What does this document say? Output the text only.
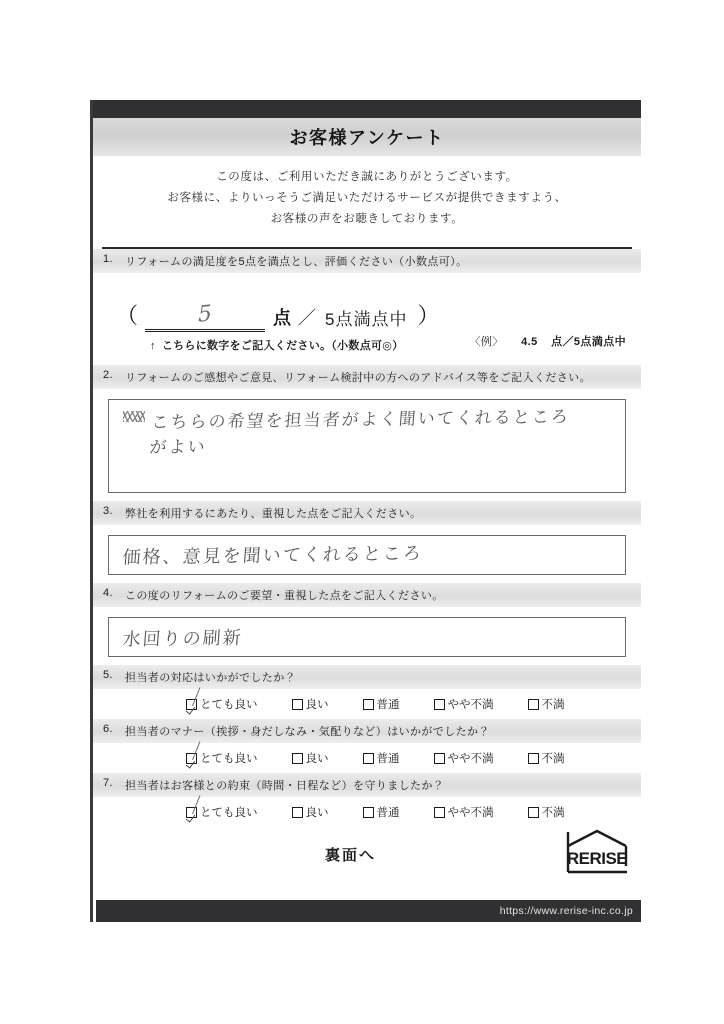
お客様アンケート

この度は、ご利用いただき誠にありがとうございます。

お客様に、よりいっそうご満足いただけるサービスが提供できますよう、

お客様の声をお聴きしております。

1.	リフォームの満足度を5点を満点とし、評価ください（小数点可）。
（	5	点 ／ 5点満点中 ）
↑ こちらに数字をご記入ください。（小数点可◎）	〈例〉 4.5 点／5点満点中
2.	リフォームのご感想やご意見、リフォーム検討中の方へのアドバイス等をご記入ください。
こちらの希望を担当者がよく聞いてくれるところ
がよい
3.	弊社を利用するにあたり、重視した点をご記入ください。
価格、意見を聞いてくれるところ
4.	この度のリフォームのご要望・重視した点をご記入ください。
水回りの刷新
5.	担当者の対応はいかがでしたか？
とても良い	良い	普通	やや不満	不満
6.	担当者のマナー（挨拶・身だしなみ・気配りなど）はいかがでしたか？
とても良い	良い	普通	やや不満	不満
7.	担当者はお客様との約束（時間・日程など）を守りましたか？
とても良い	良い	普通	やや不満	不満
裏面へ	RERISE
https://www.rerise-inc.co.jp
